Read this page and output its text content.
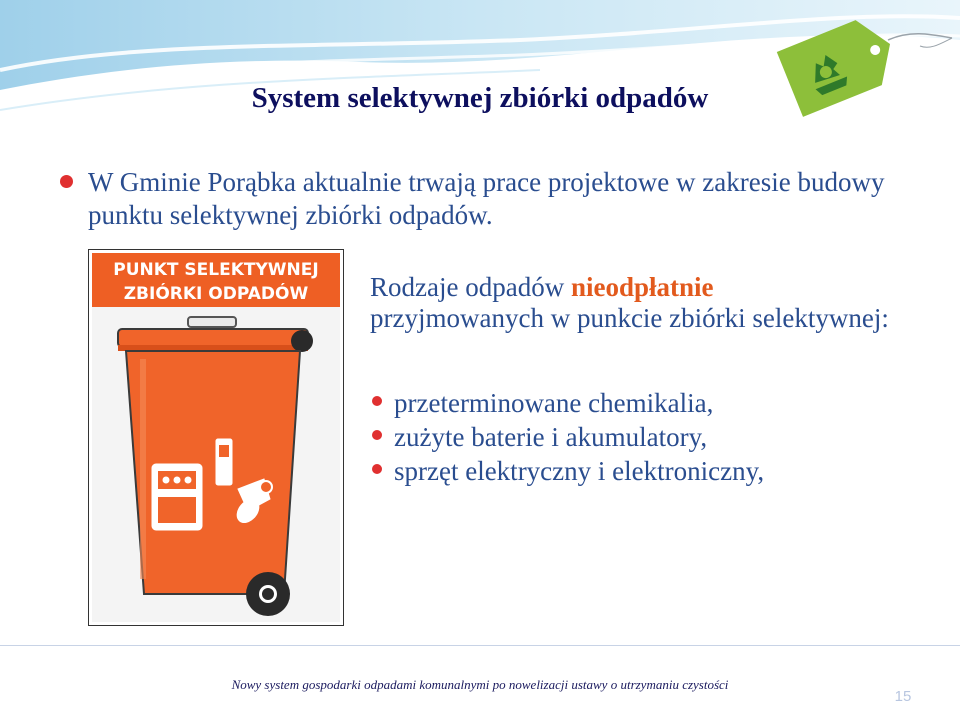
System selektywnej zbiórki odpadów
W Gminie Porąbka aktualnie trwają prace projektowe w zakresie budowy punktu selektywnej zbiórki odpadów.
PUNKT SELEKTYWNEJ
ZBIÓRKI ODPADÓW Rodzaje odpadów nieodpłatnie przyjmowanych w punkcie zbiórki selektywnej:
przeterminowane chemikalia,
zużyte baterie i akumulatory,
sprzęt elektryczny i elektroniczny,
Nowy system gospodarki odpadami komunalnymi po nowelizacji ustawy o utrzymaniu czystości
15
